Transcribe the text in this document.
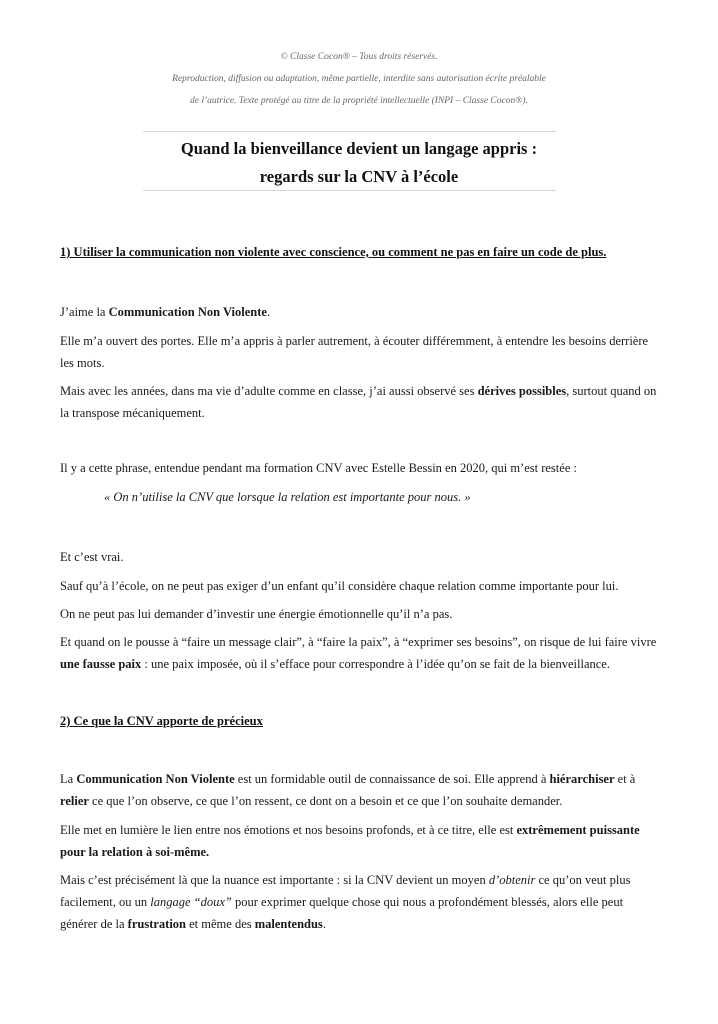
© Classe Cocon® – Tous droits réservés.
Reproduction, diffusion ou adaptation, même partielle, interdite sans autorisation écrite préalable
de l’autrice. Texte protégé au titre de la propriété intellectuelle (INPI – Classe Cocon®).
Quand la bienveillance devient un langage appris :
regards sur la CNV à l’école
1) Utiliser la communication non violente avec conscience, ou comment ne pas en faire un code de plus.
J’aime la Communication Non Violente.
Elle m’a ouvert des portes. Elle m’a appris à parler autrement, à écouter différemment, à entendre les besoins derrière les mots.
Mais avec les années, dans ma vie d’adulte comme en classe, j’ai aussi observé ses dérives possibles, surtout quand on la transpose mécaniquement.
Il y a cette phrase, entendue pendant ma formation CNV avec Estelle Bessin en 2020, qui m’est restée :
« On n’utilise la CNV que lorsque la relation est importante pour nous. »
Et c’est vrai.
Sauf qu’à l’école, on ne peut pas exiger d’un enfant qu’il considère chaque relation comme importante pour lui.
On ne peut pas lui demander d’investir une énergie émotionnelle qu’il n’a pas.
Et quand on le pousse à “faire un message clair”, à “faire la paix”, à “exprimer ses besoins”, on risque de lui faire vivre une fausse paix : une paix imposée, où il s’efface pour correspondre à l’idée qu’on se fait de la bienveillance.
2) Ce que la CNV apporte de précieux
La Communication Non Violente est un formidable outil de connaissance de soi. Elle apprend à hiérarchiser et à relier ce que l’on observe, ce que l’on ressent, ce dont on a besoin et ce que l’on souhaite demander.
Elle met en lumière le lien entre nos émotions et nos besoins profonds, et à ce titre, elle est extrêmement puissante pour la relation à soi-même.
Mais c’est précisément là que la nuance est importante : si la CNV devient un moyen d’obtenir ce qu’on veut plus facilement, ou un langage “doux” pour exprimer quelque chose qui nous a profondément blessés, alors elle peut générer de la frustration et même des malentendus.
